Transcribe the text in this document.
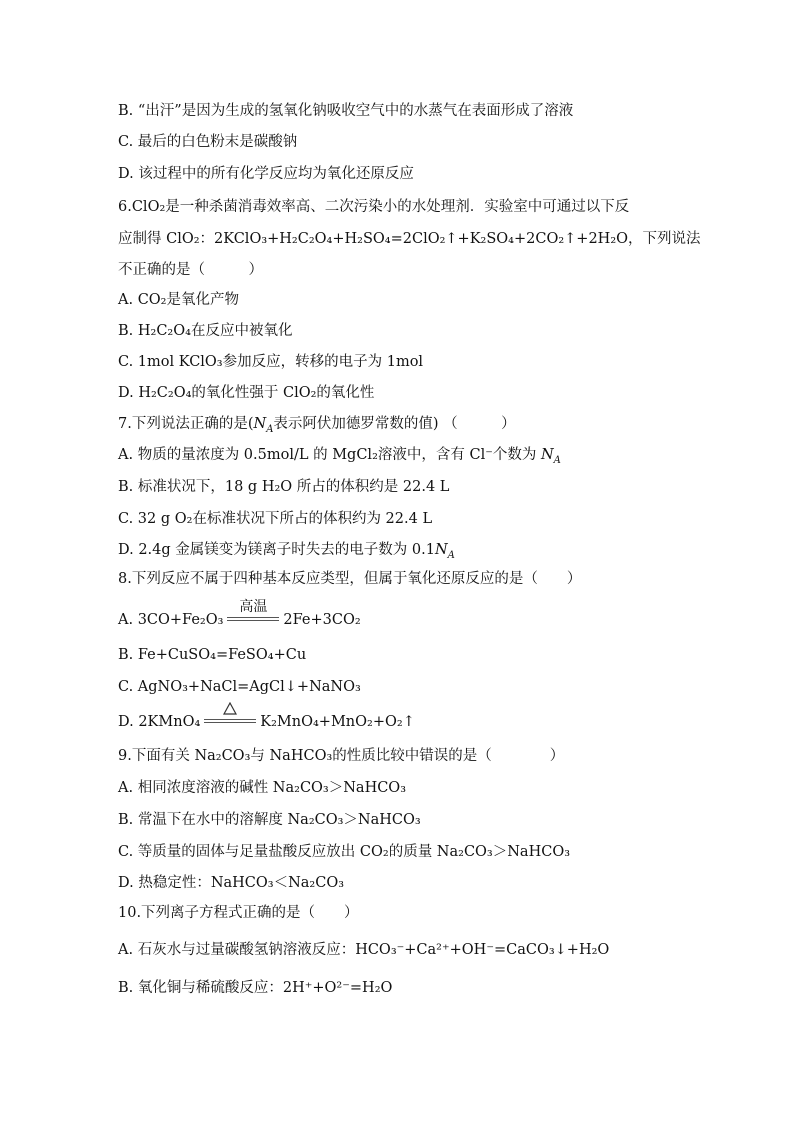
B. “出汗”是因为生成的氢氧化钠吸收空气中的水蒸气在表面形成了溶液
C. 最后的白色粉末是碳酸钠
D. 该过程中的所有化学反应均为氧化还原反应
6.ClO₂是一种杀菌消毒效率高、二次污染小的水处理剂．实验室中可通过以下反
应制得 ClO₂：2KClO₃+H₂C₂O₄+H₂SO₄=2ClO₂↑+K₂SO₄+2CO₂↑+2H₂O，下列说法
不正确的是（　　　）
A. CO₂是氧化产物
B. H₂C₂O₄在反应中被氧化
C. 1mol KClO₃参加反应，转移的电子为 1mol
D. H₂C₂O₄的氧化性强于 ClO₂的氧化性
7.下列说法正确的是($N_A$表示阿伏加德罗常数的值) （　　　）
A. 物质的量浓度为 0.5mol/L 的 MgCl₂溶液中，含有 Cl⁻个数为 $N_A$
B. 标准状况下，18 g H₂O 所占的体积约是 22.4 L
C. 32 g O₂在标准状况下所占的体积约为 22.4 L
D. 2.4g 金属镁变为镁离子时失去的电子数为 $0.1N_A$
8.下列反应不属于四种基本反应类型，但属于氧化还原反应的是（　　）
A. 3CO+Fe₂O₃
高温
2Fe+3CO₂
B. Fe+CuSO₄=FeSO₄+Cu
C. AgNO₃+NaCl=AgCl↓+NaNO₃
D. 2KMnO₄	K₂MnO₄+MnO₂+O₂↑
9.下面有关 Na₂CO₃与 NaHCO₃的性质比较中错误的是（　　　　）
A. 相同浓度溶液的碱性 Na₂CO₃＞NaHCO₃
B. 常温下在水中的溶解度 Na₂CO₃＞NaHCO₃
C. 等质量的固体与足量盐酸反应放出 CO₂的质量 Na₂CO₃＞NaHCO₃
D. 热稳定性：NaHCO₃＜Na₂CO₃
10.下列离子方程式正确的是（　　）
A. 石灰水与过量碳酸氢钠溶液反应：HCO₃⁻+Ca²⁺+OH⁻=CaCO₃↓+H₂O
B. 氧化铜与稀硫酸反应：2H⁺+O²⁻=H₂O
